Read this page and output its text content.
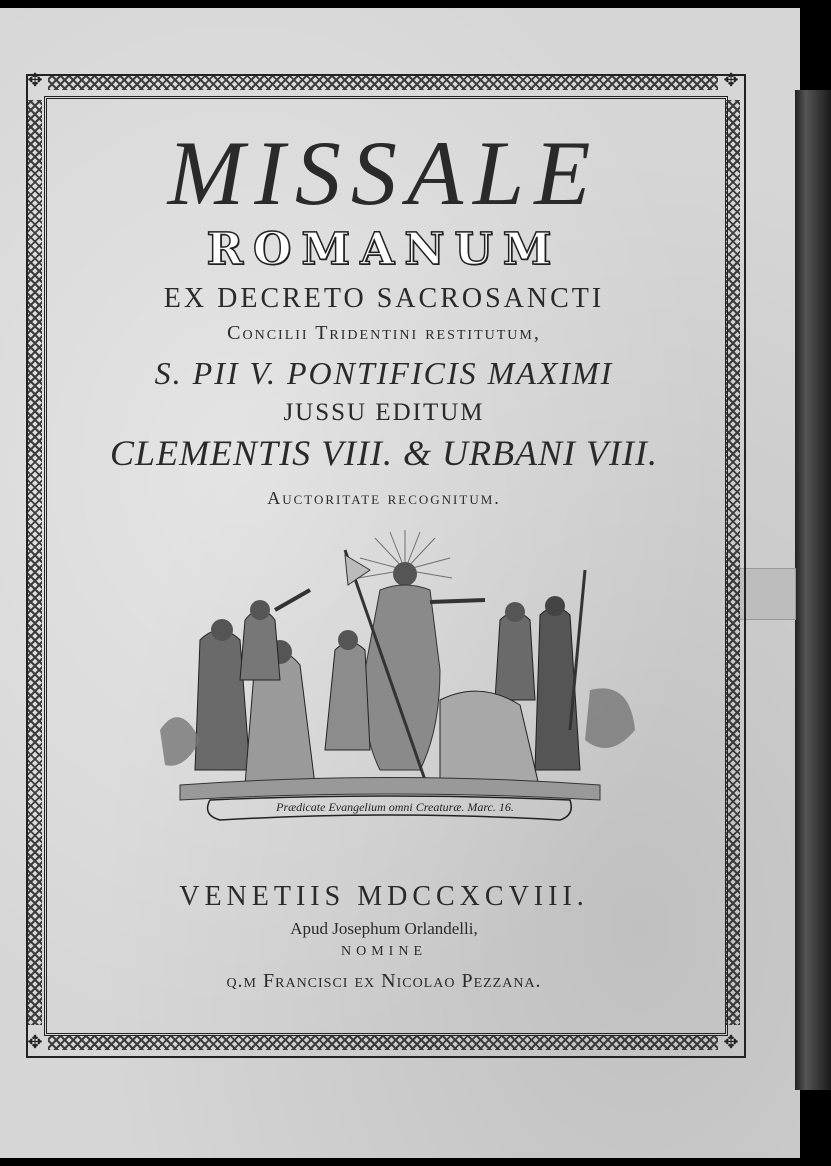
✥	✥
✥	✥
MISSALE
ROMANUM
EX DECRETO SACROSANCTI
Concilii Tridentini restitutum,
S. PII V. PONTIFICIS MAXIMI
JUSSU EDITUM
CLEMENTIS VIII. & URBANI VIII.
Auctoritate recognitum.
Prædicate Evangelium omni Creaturæ. Marc. 16.
VENETIIS MDCCXCVIII.
Apud Josephum Orlandelli,
NOMINE
q.m Francisci ex Nicolao Pezzana.
